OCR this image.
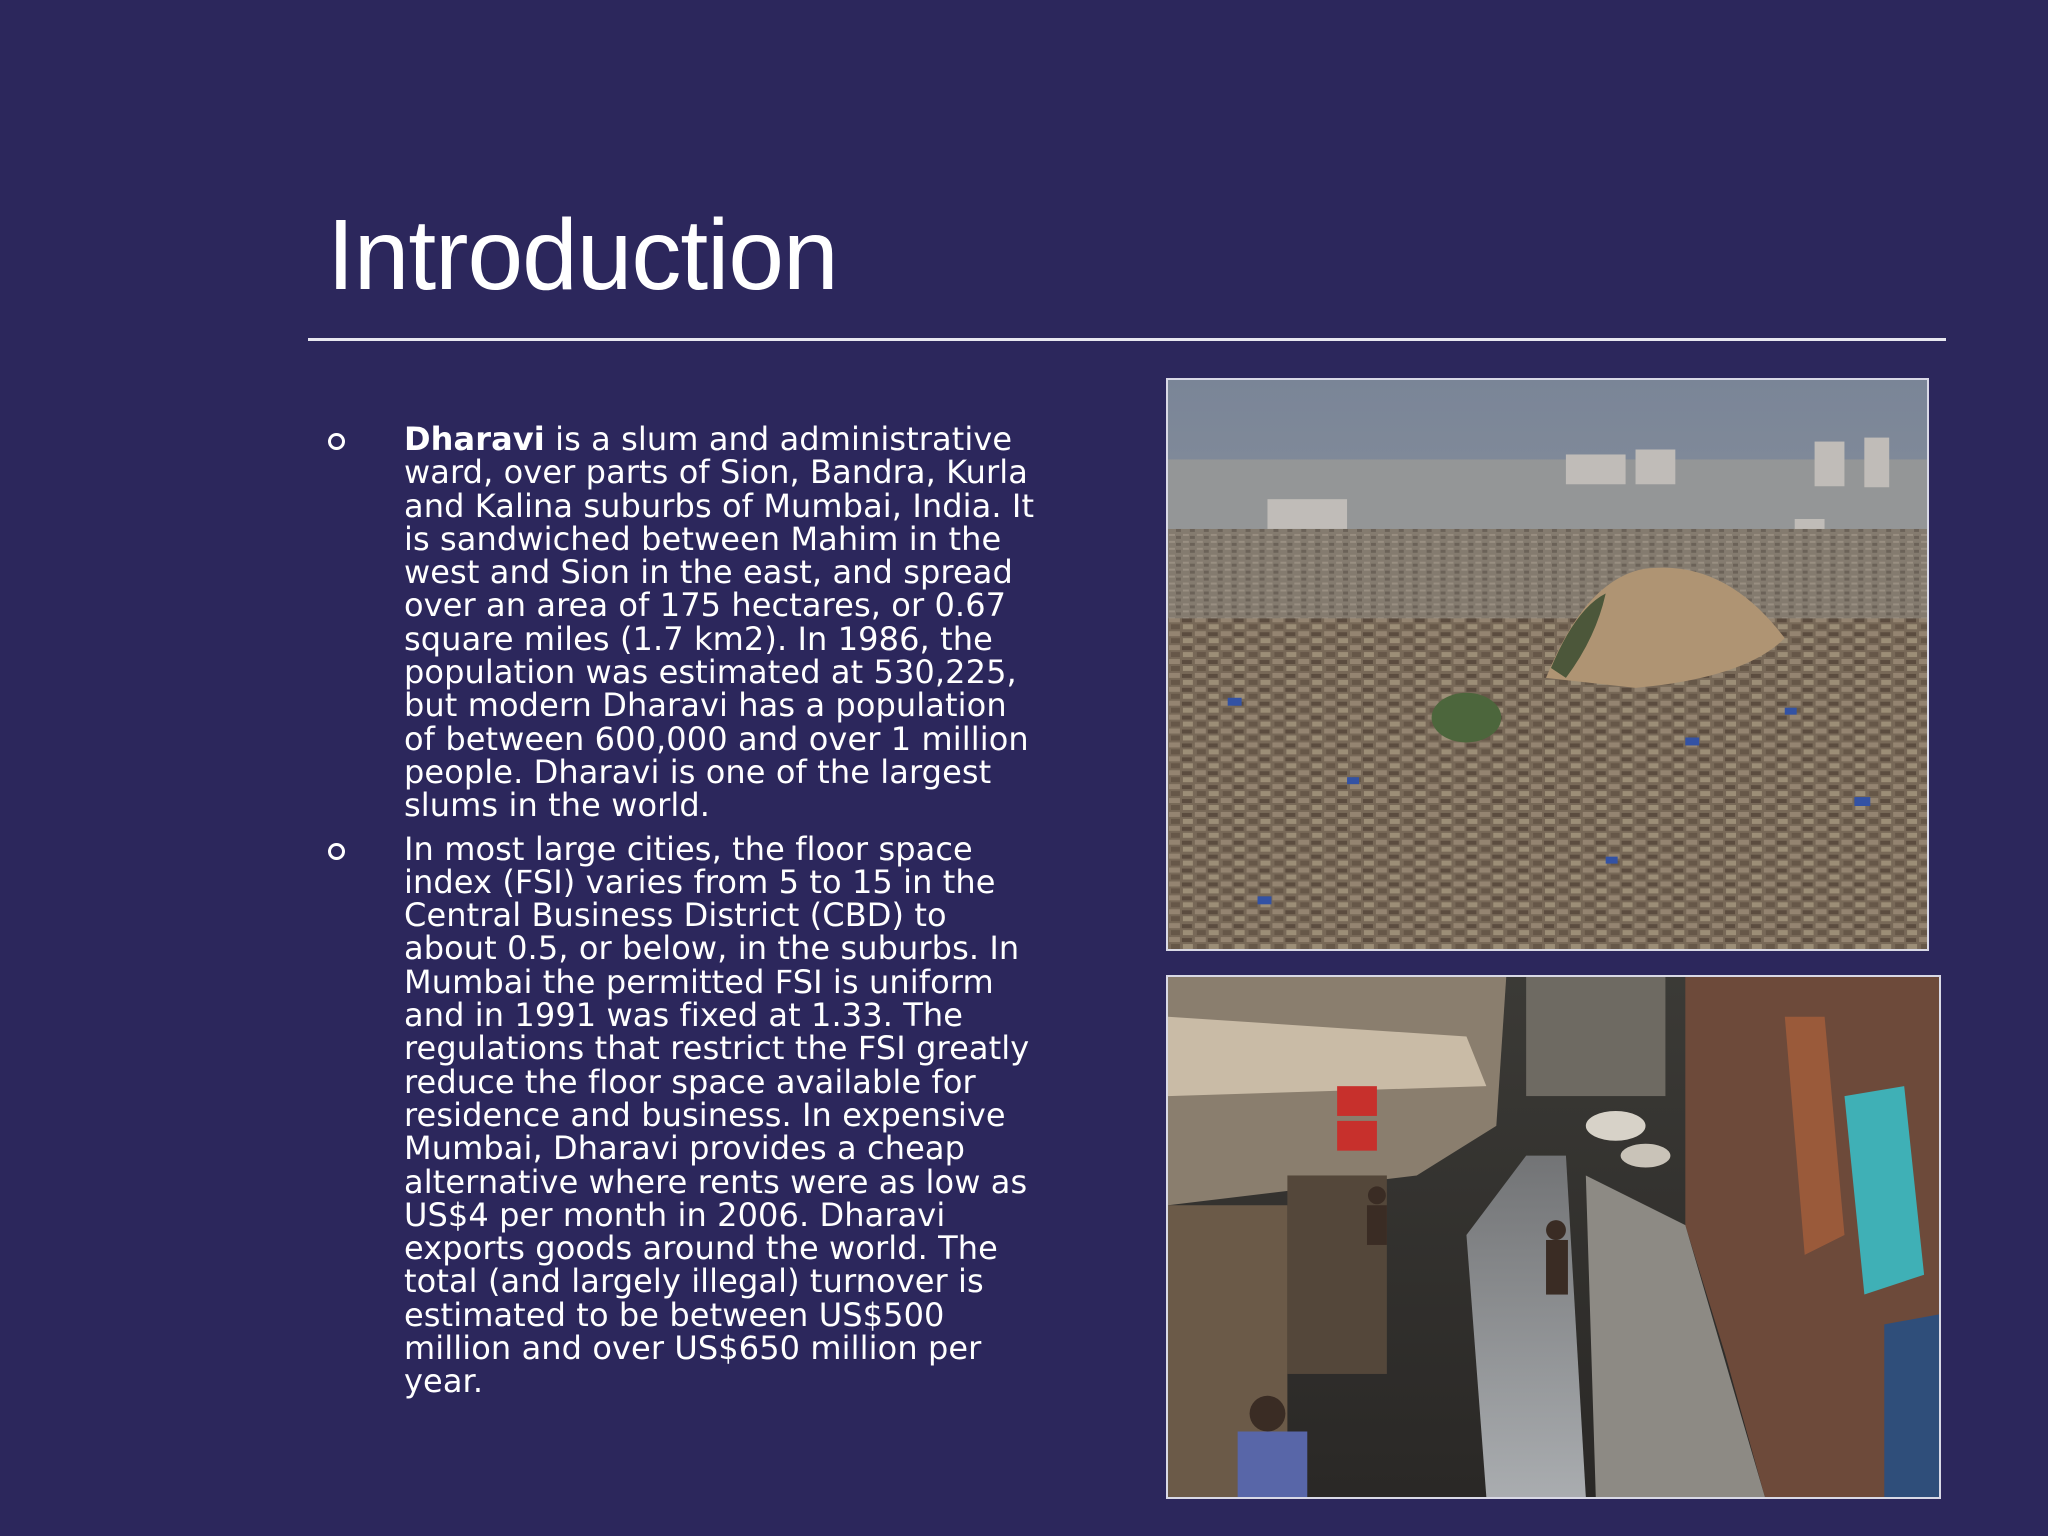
Introduction
Dharavi is a slum and administrative ward, over parts of Sion, Bandra, Kurla and Kalina suburbs of Mumbai, India. It is sandwiched between Mahim in the west and Sion in the east, and spread over an area of 175 hectares, or 0.67 square miles (1.7 km2). In 1986, the population was estimated at 530,225, but modern Dharavi has a population of between 600,000 and over 1 million people. Dharavi is one of the largest slums in the world.
In most large cities, the floor space index (FSI) varies from 5 to 15 in the Central Business District (CBD) to about 0.5, or below, in the suburbs. In Mumbai the permitted FSI is uniform and in 1991 was fixed at 1.33. The regulations that restrict the FSI greatly reduce the floor space available for residence and business. In expensive Mumbai, Dharavi provides a cheap alternative where rents were as low as US$4 per month in 2006. Dharavi exports goods around the world. The total (and largely illegal) turnover is estimated to be between US$500 million and over US$650 million per year.
